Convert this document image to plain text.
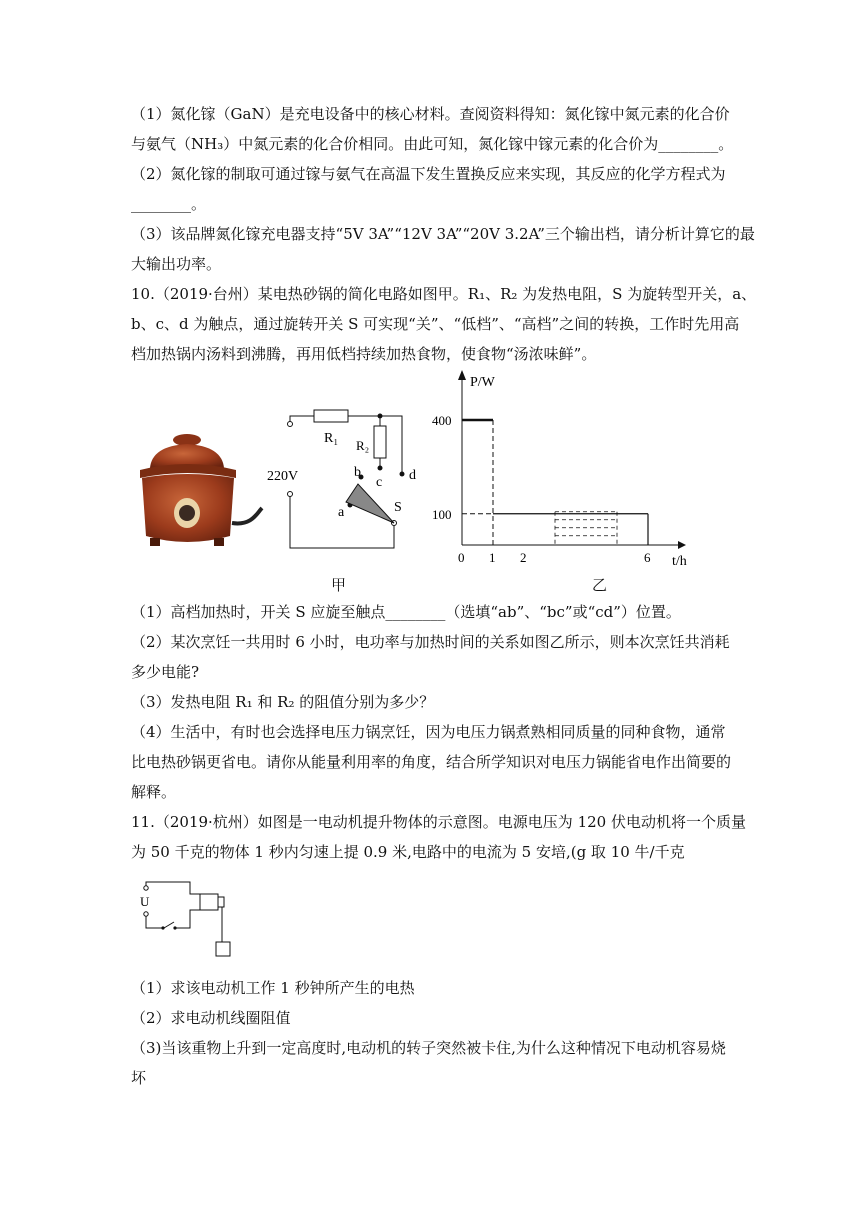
（1）氮化镓（GaN）是充电设备中的核心材料。查阅资料得知：氮化镓中氮元素的化合价
与氨气（NH₃）中氮元素的化合价相同。由此可知，氮化镓中镓元素的化合价为________。
（2）氮化镓的制取可通过镓与氨气在高温下发生置换反应来实现，其反应的化学方程式为
________。
（3）该品牌氮化镓充电器支持“5V 3A”“12V 3A”“20V 3.2A”三个输出档，请分析计算它的最
大输出功率。
10.（2019·台州）某电热砂锅的简化电路如图甲。R₁、R₂ 为发热电阻，S 为旋转型开关，a、
b、c、d 为触点，通过旋转开关 S 可实现“关”、“低档”、“高档”之间的转换，工作时先用高
档加热锅内汤料到沸腾，再用低档持续加热食物，使食物“汤浓味鲜”。
220V
R₁ R₂
b
c d
a	S
甲
P/W
t/h
0 1 2	6
400
100
乙
（1）高档加热时，开关 S 应旋至触点________（选填“ab”、“bc”或“cd”）位置。
（2）某次烹饪一共用时 6 小时，电功率与加热时间的关系如图乙所示，则本次烹饪共消耗
多少电能?
（3）发热电阻 R₁ 和 R₂ 的阻值分别为多少？
（4）生活中，有时也会选择电压力锅烹饪，因为电压力锅煮熟相同质量的同种食物，通常
比电热砂锅更省电。请你从能量利用率的角度，结合所学知识对电压力锅能省电作出简要的
解释。
11.（2019·杭州）如图是一电动机提升物体的示意图。电源电压为 120 伏电动机将一个质量
为 50 千克的物体 1 秒内匀速上提 0.9 米,电路中的电流为 5 安培,(g 取 10 牛/千克
U
（1）求该电动机工作 1 秒钟所产生的电热
（2）求电动机线圈阻值
（3)当该重物上升到一定高度时,电动机的转子突然被卡住,为什么这种情况下电动机容易烧
坏
